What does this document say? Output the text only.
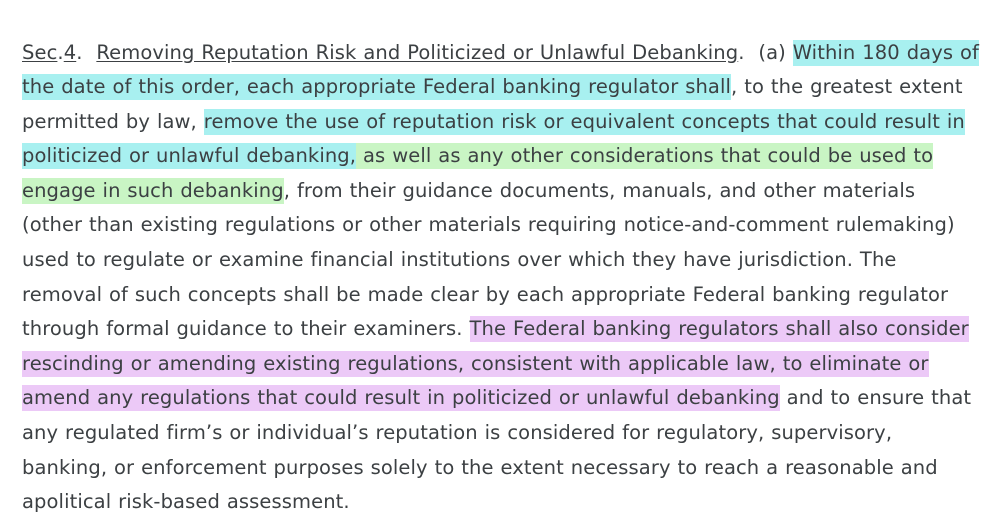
Sec.4. Removing Reputation Risk and Politicized or Unlawful Debanking. (a) Within 180 days of the date of this order, each appropriate Federal banking regulator shall, to the greatest extent permitted by law, remove the use of reputation risk or equivalent concepts that could result in politicized or unlawful debanking, as well as any other considerations that could be used to engage in such debanking, from their guidance documents, manuals, and other materials (other than existing regulations or other materials requiring notice-and-comment rulemaking) used to regulate or examine financial institutions over which they have jurisdiction. The removal of such concepts shall be made clear by each appropriate Federal banking regulator through formal guidance to their examiners. The Federal banking regulators shall also consider rescinding or amending existing regulations, consistent with applicable law, to eliminate or amend any regulations that could result in politicized or unlawful debanking and to ensure that any regulated firm’s or individual’s reputation is considered for regulatory, supervisory, banking, or enforcement purposes solely to the extent necessary to reach a reasonable and apolitical risk-based assessment.
